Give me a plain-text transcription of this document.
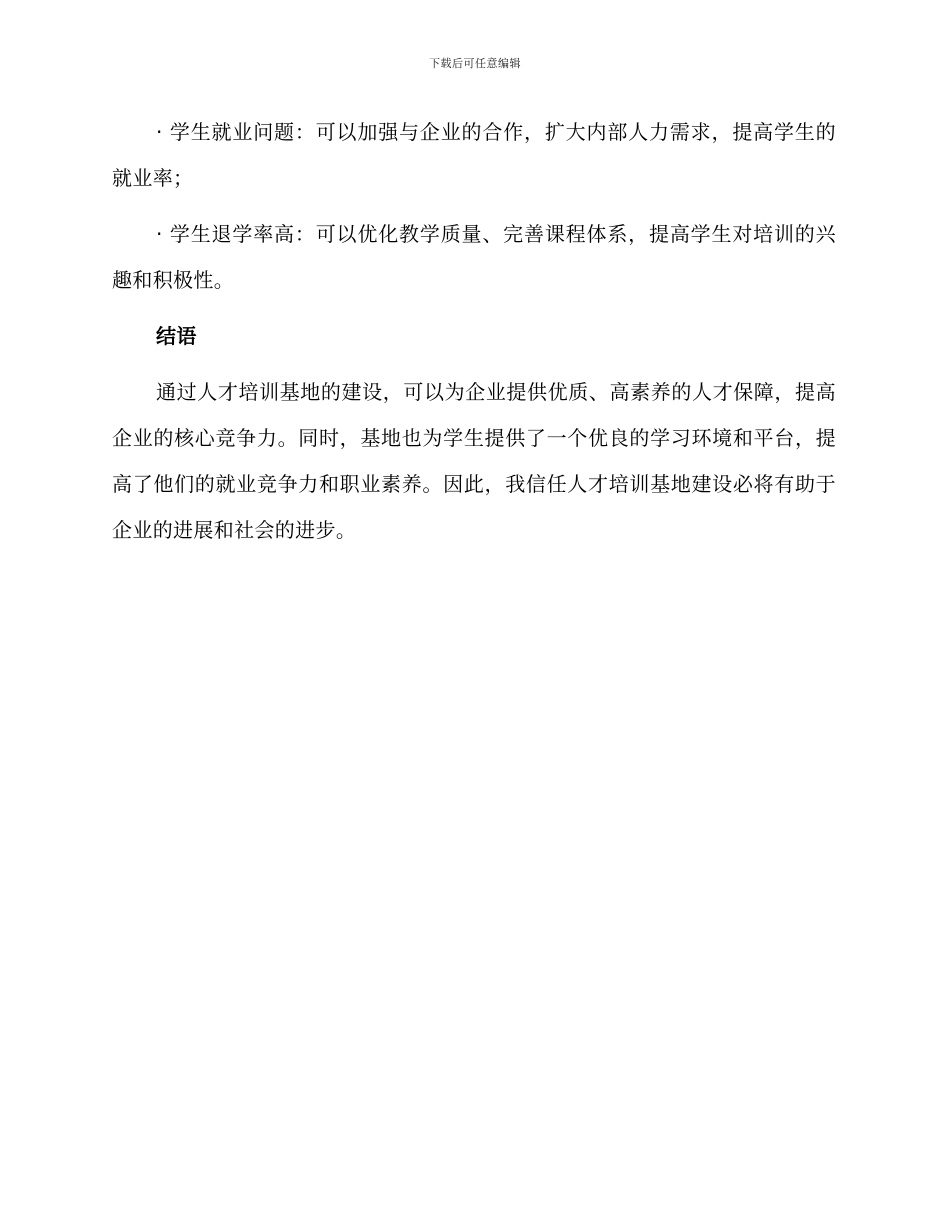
下载后可任意编辑

· 学生就业问题：可以加强与企业的合作，扩大内部人力需求，提高学生的就业率；

· 学生退学率高：可以优化教学质量、完善课程体系，提高学生对培训的兴趣和积极性。

结语

通过人才培训基地的建设，可以为企业提供优质、高素养的人才保障，提高企业的核心竞争力。同时，基地也为学生提供了一个优良的学习环境和平台，提高了他们的就业竞争力和职业素养。因此，我信任人才培训基地建设必将有助于企业的进展和社会的进步。
